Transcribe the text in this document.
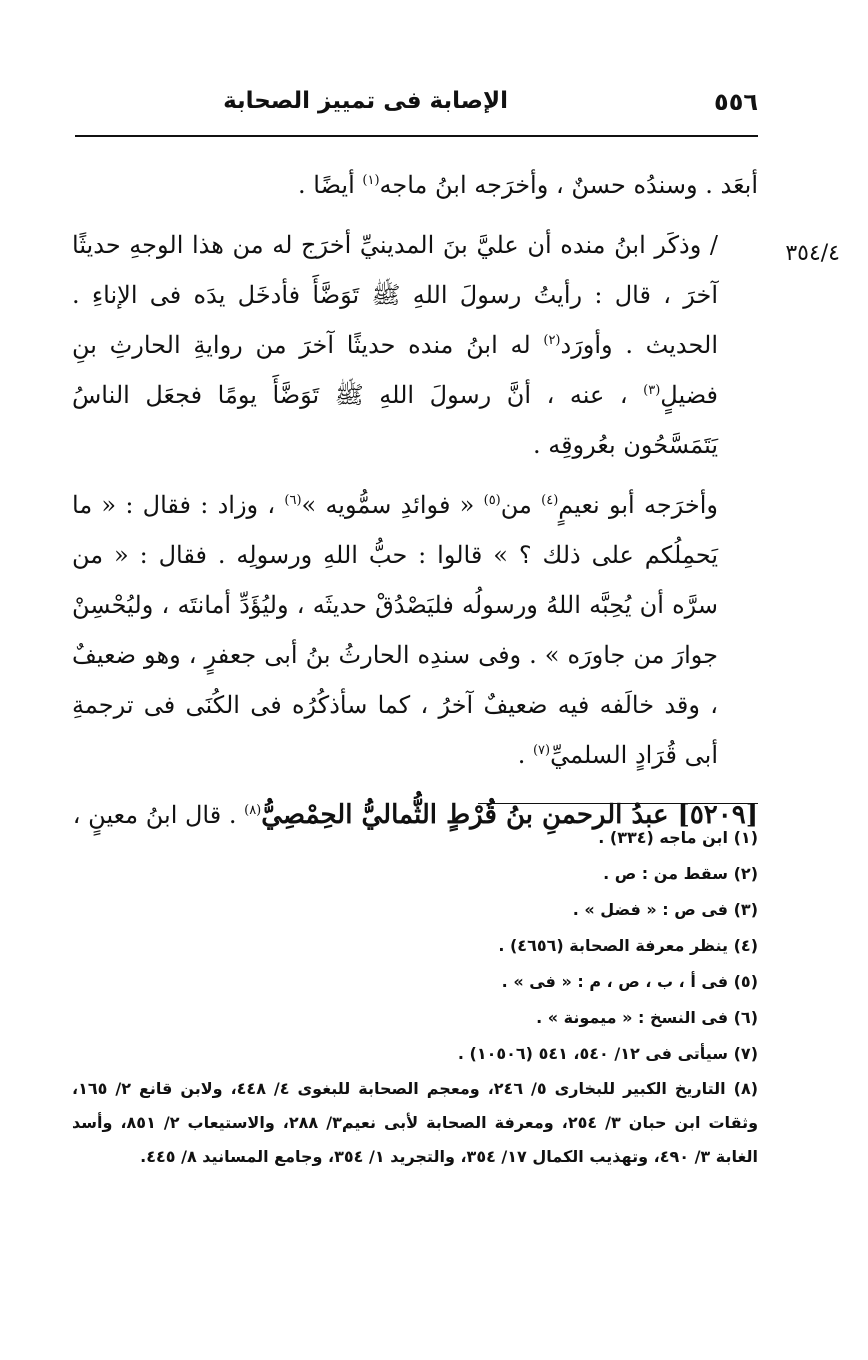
٥٥٦
الإصابة فى تمييز الصحابة
٣٥٤/٤

أبعَد . وسندُه حسنٌ ، وأخرَجه ابنُ ماجه$^{(١)}$ أيضًا .

/ وذكَر ابنُ منده أن عليَّ بنَ المدينيِّ أخرَج له من هذا الوجهِ حديثًا آخرَ ، قال : رأيتُ رسولَ اللهِ ﷺ تَوَضَّأَ فأدخَل يدَه فى الإناءِ . الحديث . وأورَد$^{(٢)}$ له ابنُ منده حديثًا آخرَ من روايةِ الحارثِ بنِ فضيلٍ$^{(٣)}$ ، عنه ، أنَّ رسولَ اللهِ ﷺ تَوَضَّأَ يومًا فجعَل الناسُ يَتَمَسَّحُون بعُروقِه .

وأخرَجه أبو نعيمٍ$^{(٤)}$ من$^{(٥)}$ « فوائدِ سمُّويه »$^{(٦)}$ ، وزاد : فقال : « ما يَحمِلُكم على ذلك ؟ » قالوا : حبُّ اللهِ ورسولِه . فقال : « من سرَّه أن يُحِبَّه اللهُ ورسولُه فليَصْدُقْ حديثَه ، وليُؤَدِّ أمانتَه ، وليُحْسِنْ جوارَ من جاورَه » . وفى سندِه الحارثُ بنُ أبى جعفرٍ ، وهو ضعيفٌ ، وقد خالَفه فيه ضعيفٌ آخرُ ، كما سأذكُرُه فى الكُنَى فى ترجمةِ أبى قُرَادٍ السلميِّ$^{(٧)}$ .

[٥٢٠٩] عبدُ الرحمنِ بنُ قُرْطٍ الثُّماليُّ الحِمْصِيُّ$^{(٨)}$ . قال ابنُ معينٍ ،

(١) ابن ماجه (٣٣٤) .
(٢) سقط من : ص .
(٣) فى ص : « فضل » .
(٤) ينظر معرفة الصحابة (٤٦٥٦) .
(٥) فى أ ، ب ، ص ، م : « فى » .
(٦) فى النسخ : « ميمونة » .
(٧) سيأتى فى ١٢/ ٥٤٠، ٥٤١ (١٠٥٠٦) .
(٨) التاريخ الكبير للبخارى ٥/ ٢٤٦، ومعجم الصحابة للبغوى ٤/ ٤٤٨، ولابن قانع ٢/ ١٦٥، وثقات ابن حبان ٣/ ٢٥٤، ومعرفة الصحابة لأبى نعيم٣/ ٢٨٨، والاستيعاب ٢/ ٨٥١، وأسد الغابة ٣/ ٤٩٠، وتهذيب الكمال ١٧/ ٣٥٤، والتجريد ١/ ٣٥٤، وجامع المسانيد ٨/ ٤٤٥.
